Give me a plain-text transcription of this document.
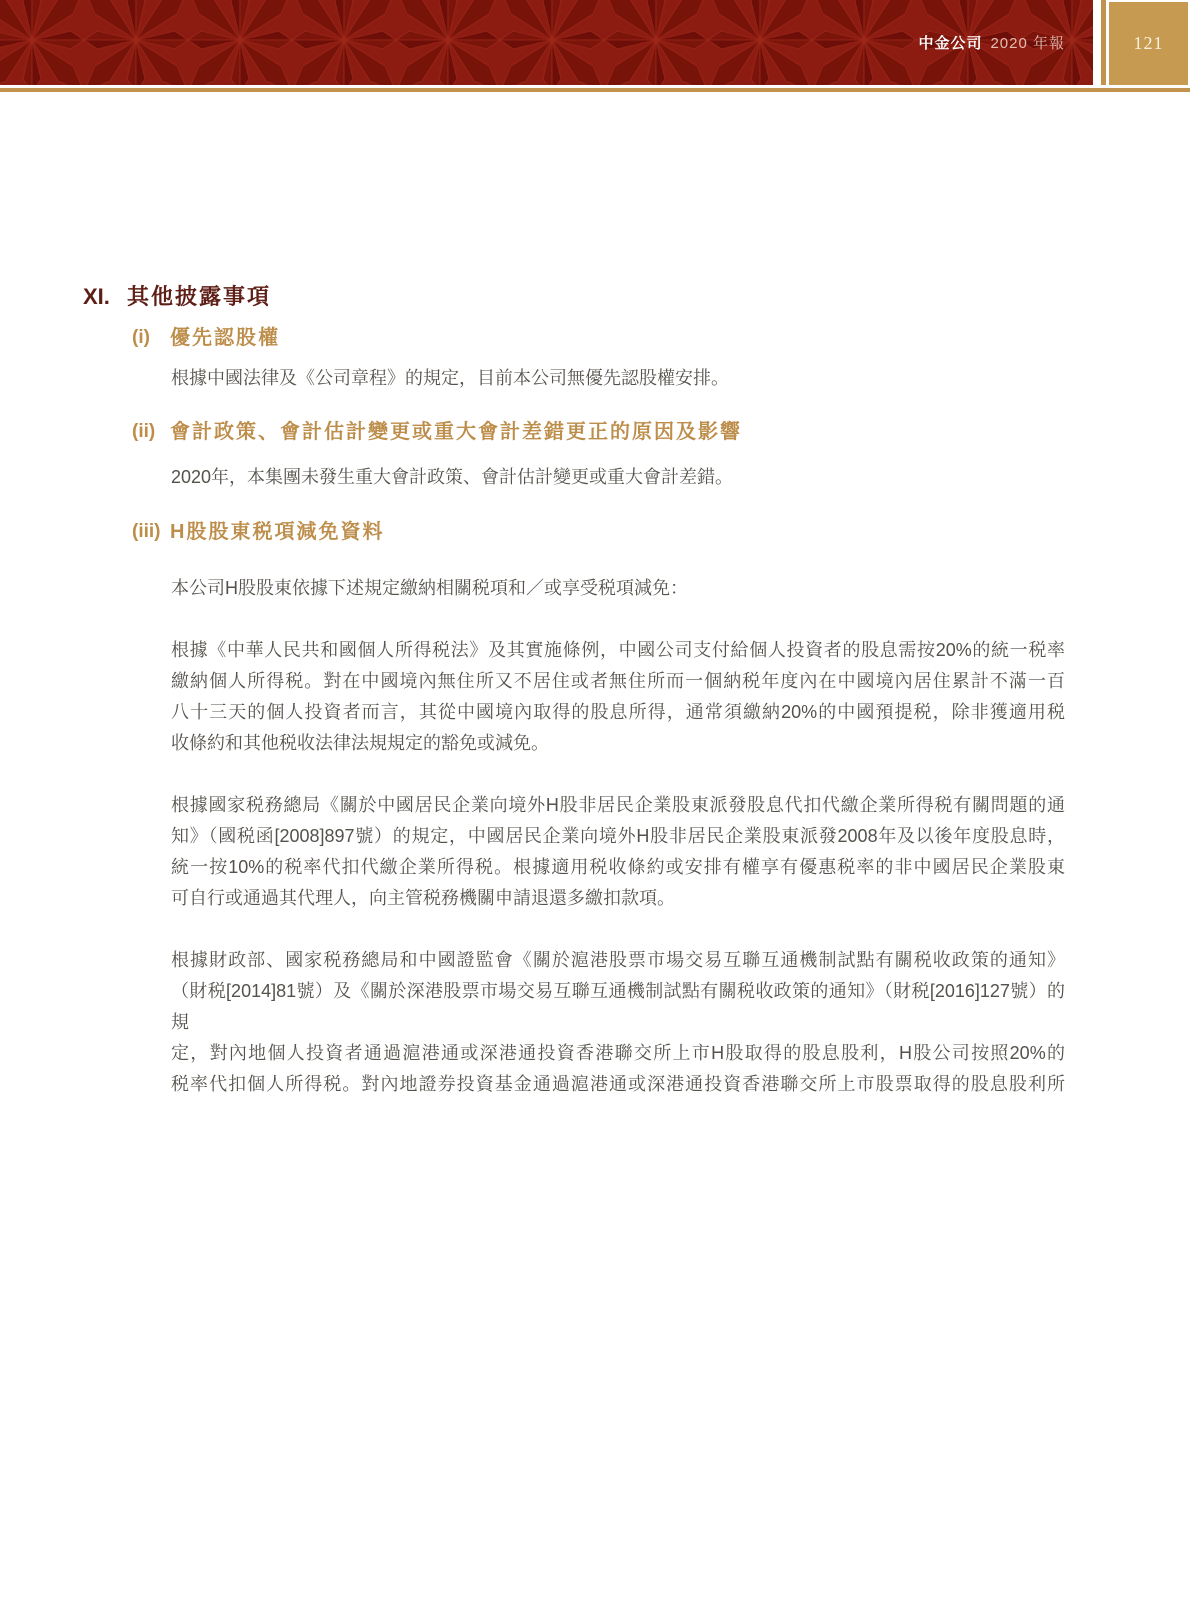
中金公司 2020 年報	121
XI. 其他披露事項
(i) 優先認股權
根據中國法律及《公司章程》的規定，目前本公司無優先認股權安排。
(ii) 會計政策、會計估計變更或重大會計差錯更正的原因及影響
2020年，本集團未發生重大會計政策、會計估計變更或重大會計差錯。
(iii) H股股東税項減免資料
本公司H股股東依據下述規定繳納相關税項和／或享受税項減免：
根據《中華人民共和國個人所得税法》及其實施條例，中國公司支付給個人投資者的股息需按20%的統一税率
繳納個人所得税。對在中國境內無住所又不居住或者無住所而一個納税年度內在中國境內居住累計不滿一百
八十三天的個人投資者而言，其從中國境內取得的股息所得，通常須繳納20%的中國預提税，除非獲適用税
收條約和其他税收法律法規規定的豁免或減免。
根據國家税務總局《關於中國居民企業向境外H股非居民企業股東派發股息代扣代繳企業所得税有關問題的通
知》（國税函[2008]897號）的規定，中國居民企業向境外H股非居民企業股東派發2008年及以後年度股息時，
統一按10%的税率代扣代繳企業所得税。根據適用税收條約或安排有權享有優惠税率的非中國居民企業股東
可自行或通過其代理人，向主管税務機關申請退還多繳扣款項。
根據財政部、國家税務總局和中國證監會《關於滬港股票市場交易互聯互通機制試點有關税收政策的通知》
（財税[2014]81號）及《關於深港股票市場交易互聯互通機制試點有關税收政策的通知》（財税[2016]127號）的規
定，對內地個人投資者通過滬港通或深港通投資香港聯交所上市H股取得的股息股利，H股公司按照20%的
税率代扣個人所得税。對內地證券投資基金通過滬港通或深港通投資香港聯交所上市股票取得的股息股利所
